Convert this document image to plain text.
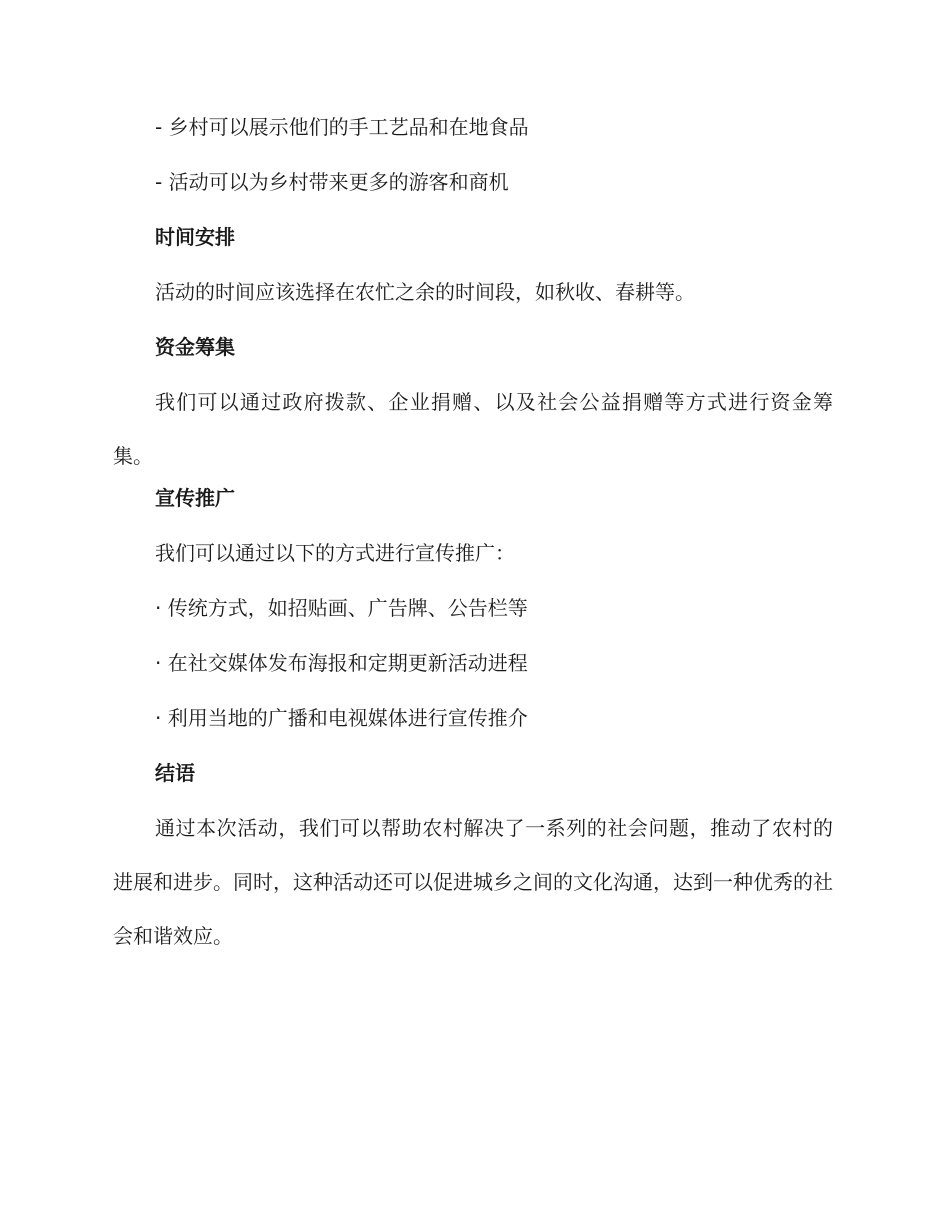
- 乡村可以展示他们的手工艺品和在地食品
- 活动可以为乡村带来更多的游客和商机
时间安排
活动的时间应该选择在农忙之余的时间段，如秋收、春耕等。
资金筹集
我们可以通过政府拨款、企业捐赠、以及社会公益捐赠等方式进行资金筹集。
宣传推广
我们可以通过以下的方式进行宣传推广：
· 传统方式，如招贴画、广告牌、公告栏等
· 在社交媒体发布海报和定期更新活动进程
· 利用当地的广播和电视媒体进行宣传推介
结语
通过本次活动，我们可以帮助农村解决了一系列的社会问题，推动了农村的进展和进步。同时，这种活动还可以促进城乡之间的文化沟通，达到一种优秀的社会和谐效应。
